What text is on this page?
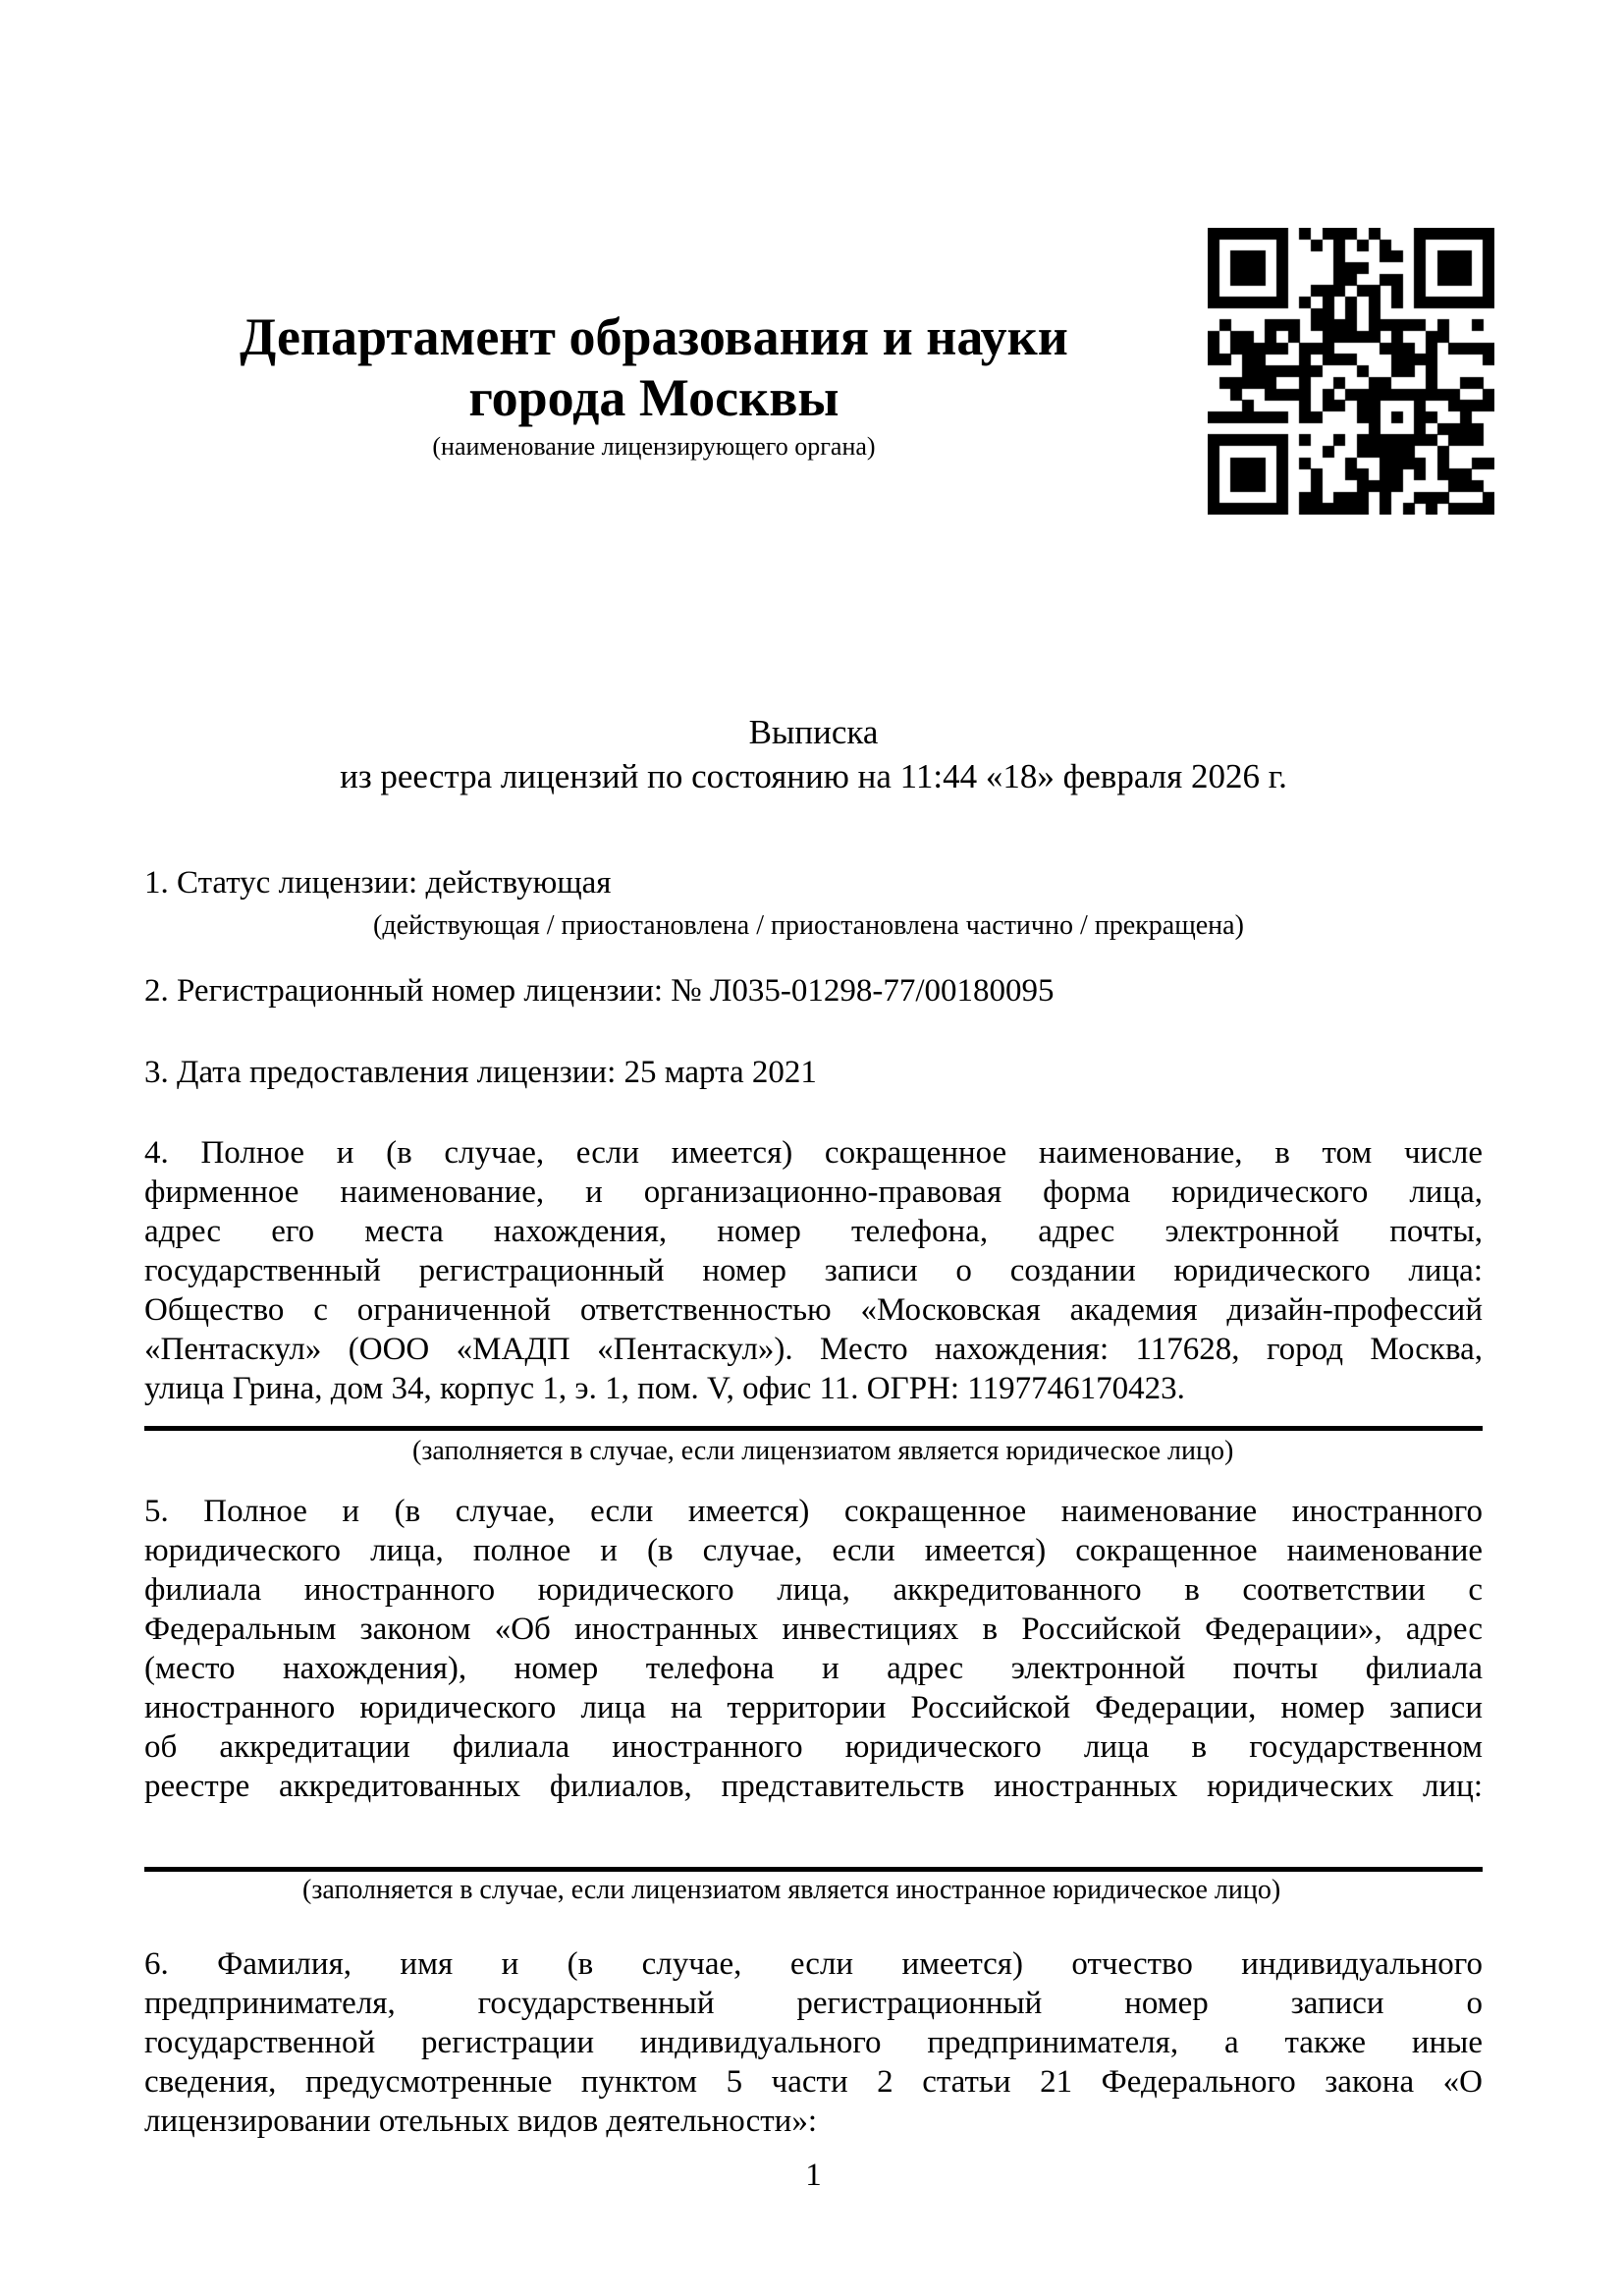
Департамент образования и науки
города Москвы
(наименование лицензирующего органа)
Выписка
из реестра лицензий по состоянию на 11:44 «18» февраля 2026 г.
1. Статус лицензии: действующая
(действующая / приостановлена / приостановлена частично / прекращена)
2. Регистрационный номер лицензии: № Л035-01298-77/00180095
3. Дата предоставления лицензии: 25 марта 2021
4. Полное и (в случае, если имеется) сокращенное наименование, в том числе
фирменное наименование, и организационно-правовая форма юридического лица,
адрес его места нахождения, номер телефона, адрес электронной почты,
государственный регистрационный номер записи о создании юридического лица:
Общество с ограниченной ответственностью «Московская академия дизайн-профессий
«Пентаскул» (ООО «МАДП «Пентаскул»). Место нахождения: 117628, город Москва,
улица Грина, дом 34, корпус 1, э. 1, пом. V, офис 11. ОГРН: 1197746170423.
(заполняется в случае, если лицензиатом является юридическое лицо)
5. Полное и (в случае, если имеется) сокращенное наименование иностранного
юридического лица, полное и (в случае, если имеется) сокращенное наименование
филиала иностранного юридического лица, аккредитованного в соответствии с
Федеральным законом «Об иностранных инвестициях в Российской Федерации», адрес
(место нахождения), номер телефона и адрес электронной почты филиала
иностранного юридического лица на территории Российской Федерации, номер записи
об аккредитации филиала иностранного юридического лица в государственном
реестре аккредитованных филиалов, представительств иностранных юридических лиц:
(заполняется в случае, если лицензиатом является иностранное юридическое лицо)
6. Фамилия, имя и (в случае, если имеется) отчество индивидуального
предпринимателя, государственный регистрационный номер записи о
государственной регистрации индивидуального предпринимателя, а также иные
сведения, предусмотренные пунктом 5 части 2 статьи 21 Федерального закона «О
лицензировании отельных видов деятельности»:
1
